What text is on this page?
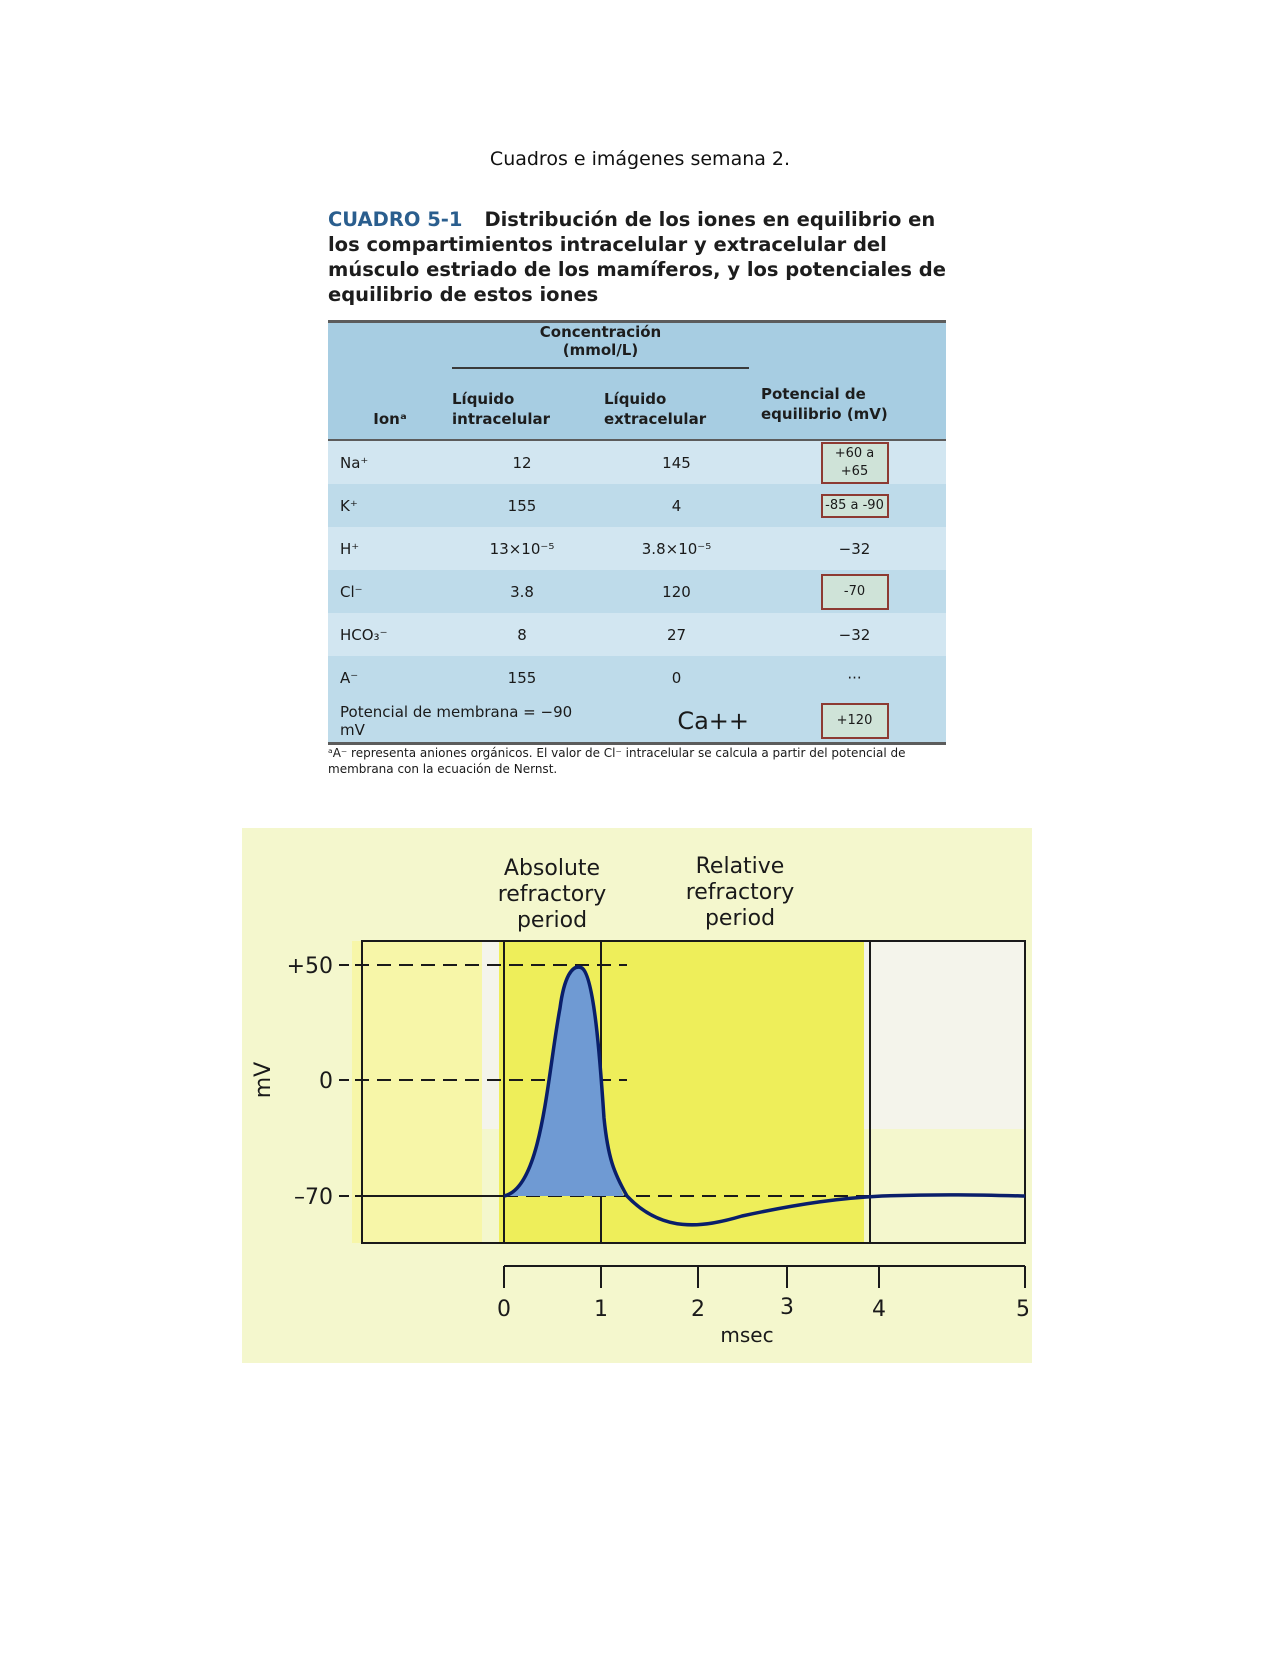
Cuadros e imágenes semana 2.
CUADRO 5-1 Distribución de los iones en equilibrio en los compartimientos intracelular y extracelular del músculo estriado de los mamíferos, y los potenciales de equilibrio de estos iones
	Concentración (mmol/L)		
Ionᵃ	Líquido intracelular	Líquido extracelular	Potencial de equilibrio (mV)
Na⁺	12	145	+60 a +65
K⁺	155	4	-85 a -90
H⁺	13×10⁻⁵	3.8×10⁻⁵	−32
Cl⁻	3.8	120	-70
HCO₃⁻	8	27	−32
A⁻	155	0	···
Potencial de membrana = −90 mV		Ca++	+120
ᵃA⁻ representa aniones orgánicos. El valor de Cl⁻ intracelular se calcula a partir del potencial de membrana con la ecuación de Nernst.
Absolute
refractory
period
Relative
refractory
period
+50
0
–70
mV
0	1	2	3	4	5
msec
